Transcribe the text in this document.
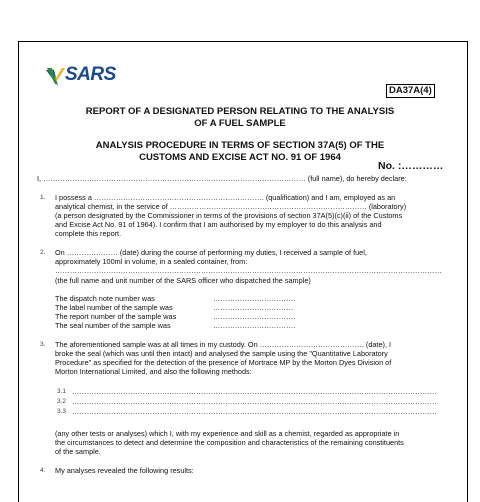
SARS
DA37A(4)
REPORT OF A DESIGNATED PERSON RELATING TO THE ANALYSIS
OF A FUEL SAMPLE
ANALYSIS PROCEDURE IN TERMS OF SECTION 37A(5) OF THE
CUSTOMS AND EXCISE ACT NO. 91 OF 1964
No. :…………
I, ……………………………………………………………………………………………… (full name), do hereby declare:
1. I possess a ……………………………………………………………. (qualification) and I am, employed as an
analytical chemist, in the service of ……………………………………………………………………… (laboratory)
(a person designated by the Commissioner in terms of the provisions of section 37A(5)(c)(ii) of the Customs
and Excise Act No. 91 of 1964). I confirm that I am authorised by my employer to do this analysis and
complete this report.
2. On ………………… (date) during the course of performing my duties, I received a sample of fuel,
approximately 100ml in volume, in a sealed container, from:
……………………………………………………………………………………………………………………………………………
(the full name and unit number of the SARS officer who dispatched the sample)
The dispatch note number was	…………………………….
The label number of the sample was	……………………………
The report number of the sample was	…………………………….
The seal number of the sample was	…………………………….
3. The aforementioned sample was at all times in my custody. On ……………………………………. (date), I
broke the seal (which was until then intact) and analysed the sample using the "Quantitative Laboratory
Procedure" as specified for the detection of the presence of Mortrace MP by the Morton Dyes Division of
Morton International Limited, and also the following methods:
3.1 ……………………………………………………………………………………………………………………………………
3.2 ……………………………………………………………………………………………………………………………………
3.3 ……………………………………………………………………………………………………………………………………
(any other tests or analyses) which I, with my experience and skill as a chemist, regarded as appropriate in
the circumstances to detect and determine the composition and characteristics of the remaining constituents
of the sample.
4. My analyses revealed the following results:
